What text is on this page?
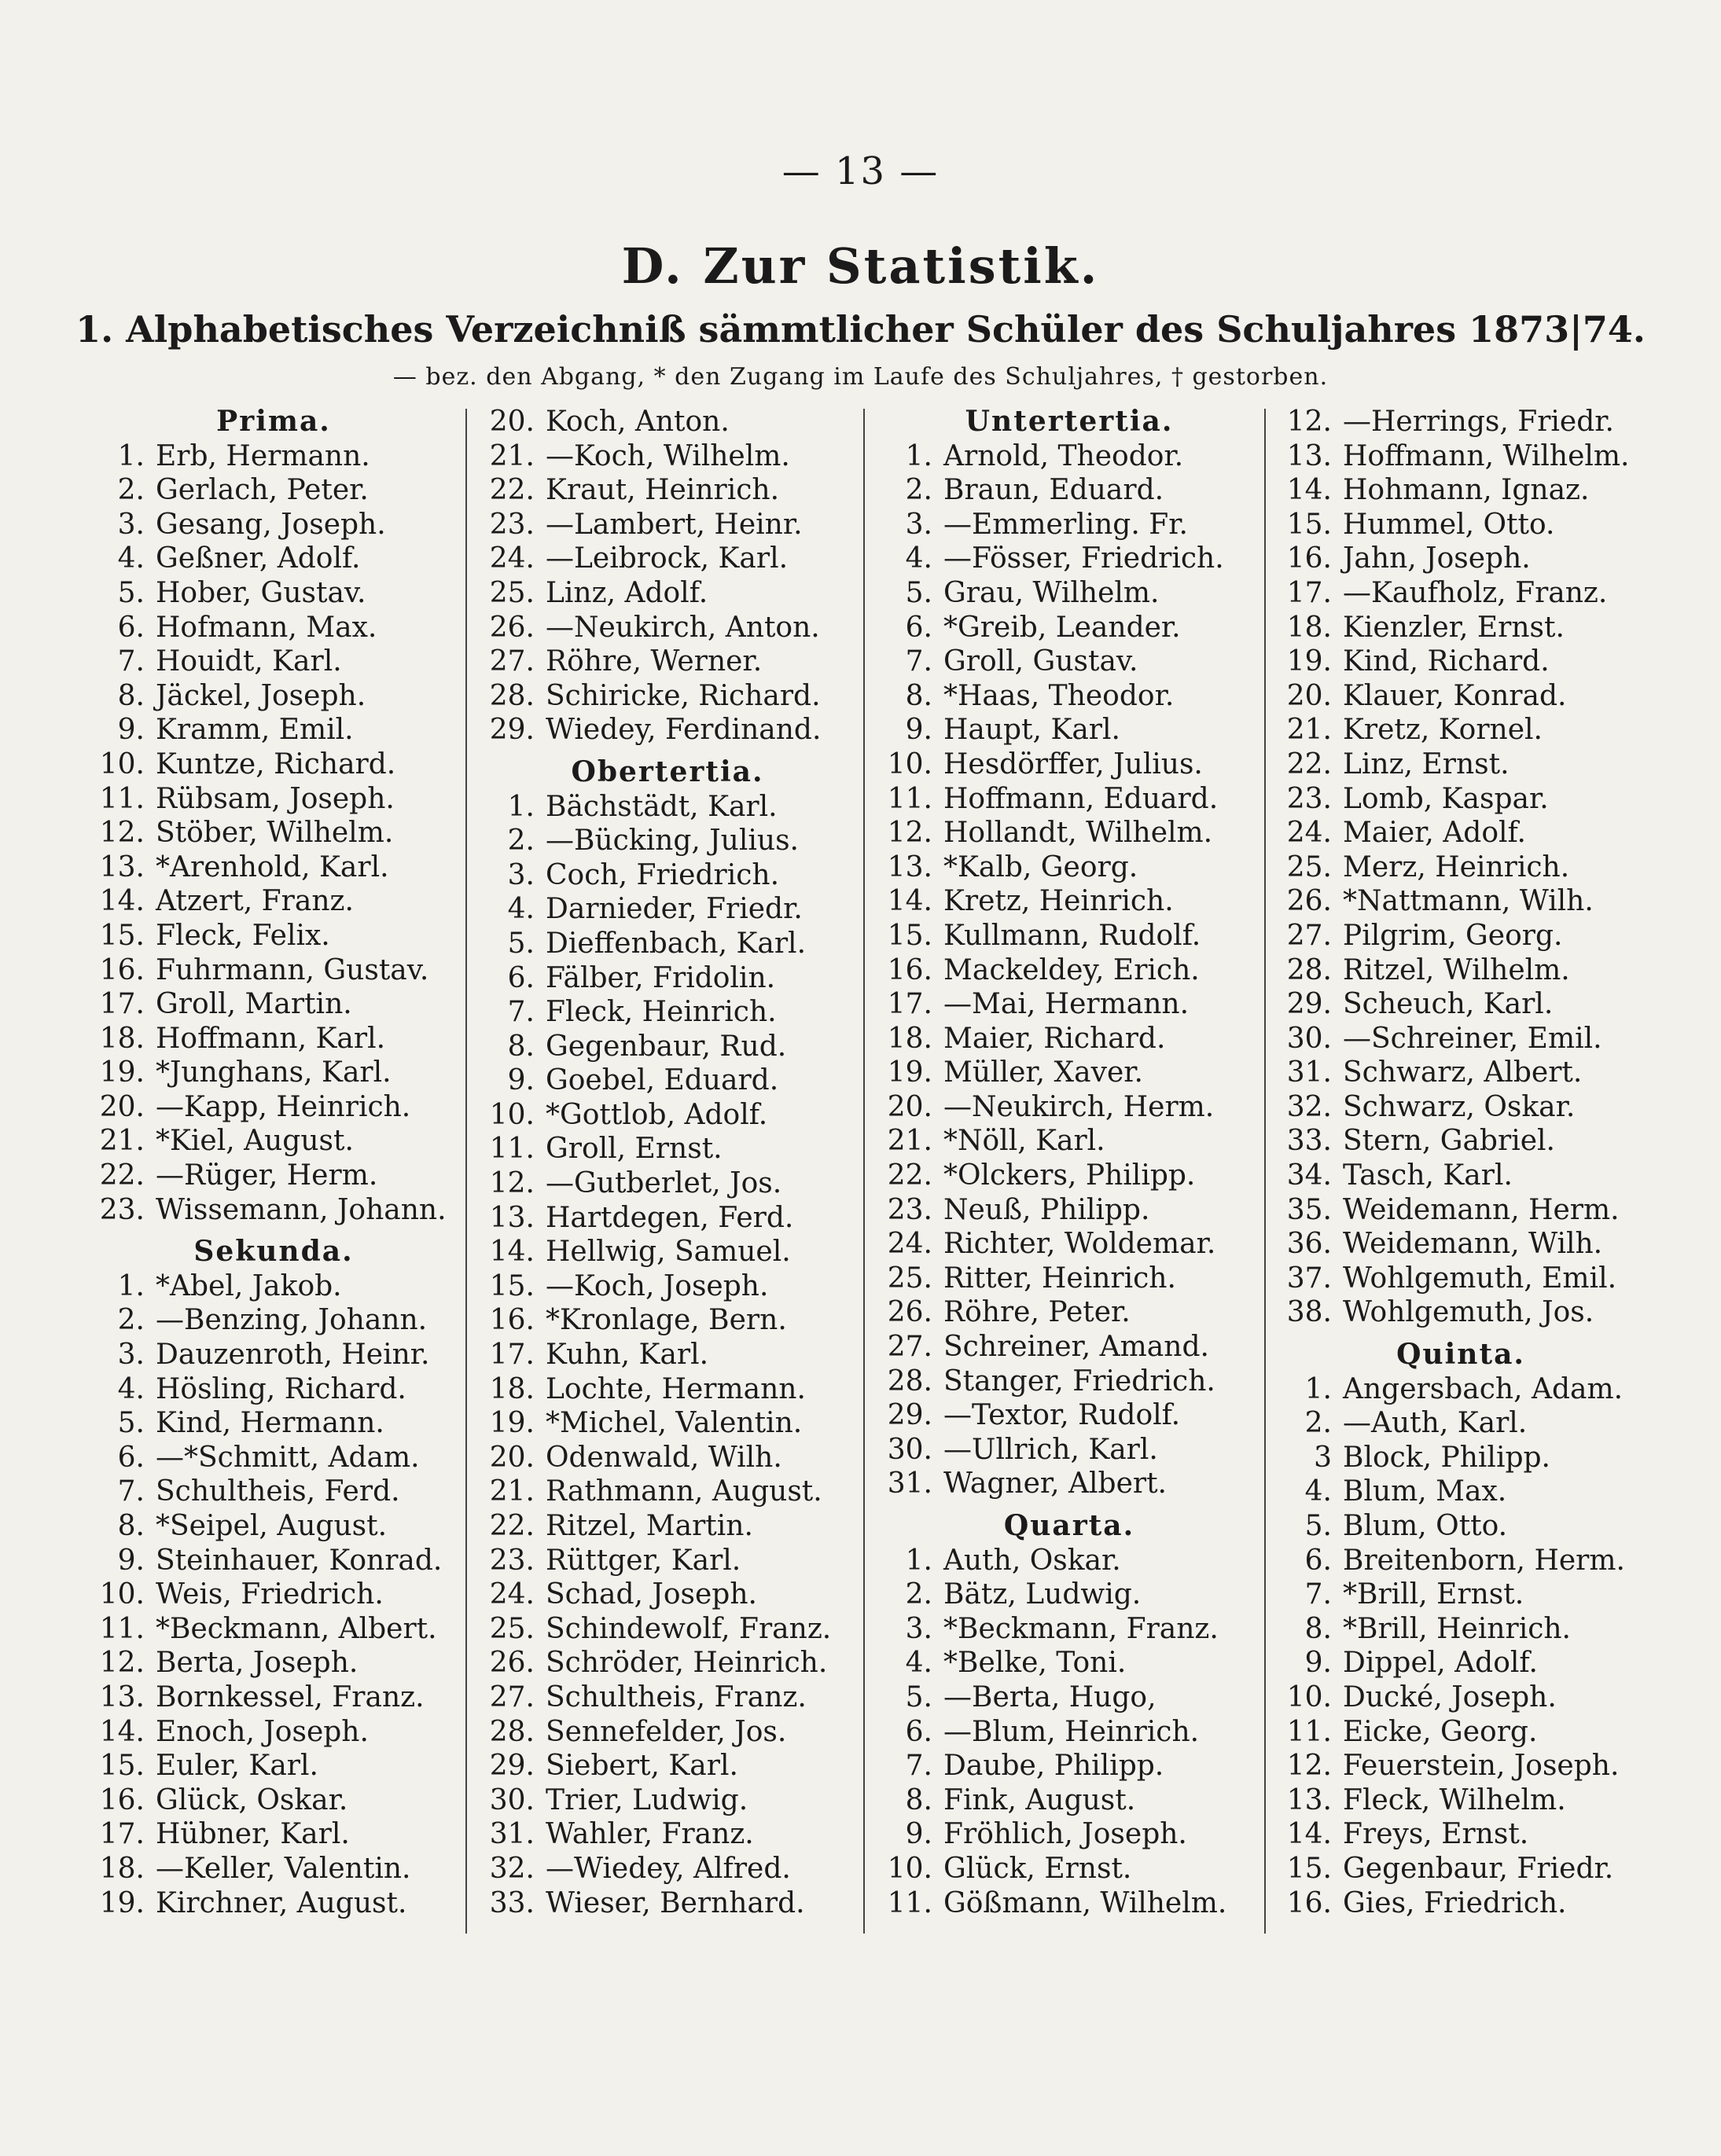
— 13 —
D. Zur Statistik.
1. Alphabetisches Verzeichniß sämmtlicher Schüler des Schuljahres 1873|74.
— bez. den Abgang, * den Zugang im Laufe des Schuljahres, † gestorben.
Prima.
1. Erb, Hermann.
2. Gerlach, Peter.
3. Gesang, Joseph.
4. Geßner, Adolf.
5. Hober, Gustav.
6. Hofmann, Max.
7. Houidt, Karl.
8. Jäckel, Joseph.
9. Kramm, Emil.
10. Kuntze, Richard.
11. Rübsam, Joseph.
12. Stöber, Wilhelm.
13. *Arenhold, Karl.
14. Atzert, Franz.
15. Fleck, Felix.
16. Fuhrmann, Gustav.
17. Groll, Martin.
18. Hoffmann, Karl.
19. *Junghans, Karl.
20. —Kapp, Heinrich.
21. *Kiel, August.
22. —Rüger, Herm.
23. Wissemann, Johann.
Sekunda.
1. *Abel, Jakob.
2. —Benzing, Johann.
3. Dauzenroth, Heinr.
4. Hösling, Richard.
5. Kind, Hermann.
6. —*Schmitt, Adam.
7. Schultheis, Ferd.
8. *Seipel, August.
9. Steinhauer, Konrad.
10. Weis, Friedrich.
11. *Beckmann, Albert.
12. Berta, Joseph.
13. Bornkessel, Franz.
14. Enoch, Joseph.
15. Euler, Karl.
16. Glück, Oskar.
17. Hübner, Karl.
18. —Keller, Valentin.
19. Kirchner, August.
20. Koch, Anton.
21. —Koch, Wilhelm.
22. Kraut, Heinrich.
23. —Lambert, Heinr.
24. —Leibrock, Karl.
25. Linz, Adolf.
26. —Neukirch, Anton.
27. Röhre, Werner.
28. Schiricke, Richard.
29. Wiedey, Ferdinand.
Obertertia.
1. Bächstädt, Karl.
2. —Bücking, Julius.
3. Coch, Friedrich.
4. Darnieder, Friedr.
5. Dieffenbach, Karl.
6. Fälber, Fridolin.
7. Fleck, Heinrich.
8. Gegenbaur, Rud.
9. Goebel, Eduard.
10. *Gottlob, Adolf.
11. Groll, Ernst.
12. —Gutberlet, Jos.
13. Hartdegen, Ferd.
14. Hellwig, Samuel.
15. —Koch, Joseph.
16. *Kronlage, Bern.
17. Kuhn, Karl.
18. Lochte, Hermann.
19. *Michel, Valentin.
20. Odenwald, Wilh.
21. Rathmann, August.
22. Ritzel, Martin.
23. Rüttger, Karl.
24. Schad, Joseph.
25. Schindewolf, Franz.
26. Schröder, Heinrich.
27. Schultheis, Franz.
28. Sennefelder, Jos.
29. Siebert, Karl.
30. Trier, Ludwig.
31. Wahler, Franz.
32. —Wiedey, Alfred.
33. Wieser, Bernhard.
Untertertia.
1. Arnold, Theodor.
2. Braun, Eduard.
3. —Emmerling. Fr.
4. —Fösser, Friedrich.
5. Grau, Wilhelm.
6. *Greib, Leander.
7. Groll, Gustav.
8. *Haas, Theodor.
9. Haupt, Karl.
10. Hesdörffer, Julius.
11. Hoffmann, Eduard.
12. Hollandt, Wilhelm.
13. *Kalb, Georg.
14. Kretz, Heinrich.
15. Kullmann, Rudolf.
16. Mackeldey, Erich.
17. —Mai, Hermann.
18. Maier, Richard.
19. Müller, Xaver.
20. —Neukirch, Herm.
21. *Nöll, Karl.
22. *Olckers, Philipp.
23. Neuß, Philipp.
24. Richter, Woldemar.
25. Ritter, Heinrich.
26. Röhre, Peter.
27. Schreiner, Amand.
28. Stanger, Friedrich.
29. —Textor, Rudolf.
30. —Ullrich, Karl.
31. Wagner, Albert.
Quarta.
1. Auth, Oskar.
2. Bätz, Ludwig.
3. *Beckmann, Franz.
4. *Belke, Toni.
5. —Berta, Hugo,
6. —Blum, Heinrich.
7. Daube, Philipp.
8. Fink, August.
9. Fröhlich, Joseph.
10. Glück, Ernst.
11. Gößmann, Wilhelm.
12. —Herrings, Friedr.
13. Hoffmann, Wilhelm.
14. Hohmann, Ignaz.
15. Hummel, Otto.
16. Jahn, Joseph.
17. —Kaufholz, Franz.
18. Kienzler, Ernst.
19. Kind, Richard.
20. Klauer, Konrad.
21. Kretz, Kornel.
22. Linz, Ernst.
23. Lomb, Kaspar.
24. Maier, Adolf.
25. Merz, Heinrich.
26. *Nattmann, Wilh.
27. Pilgrim, Georg.
28. Ritzel, Wilhelm.
29. Scheuch, Karl.
30. —Schreiner, Emil.
31. Schwarz, Albert.
32. Schwarz, Oskar.
33. Stern, Gabriel.
34. Tasch, Karl.
35. Weidemann, Herm.
36. Weidemann, Wilh.
37. Wohlgemuth, Emil.
38. Wohlgemuth, Jos.
Quinta.
1. Angersbach, Adam.
2. —Auth, Karl.
3 Block, Philipp.
4. Blum, Max.
5. Blum, Otto.
6. Breitenborn, Herm.
7. *Brill, Ernst.
8. *Brill, Heinrich.
9. Dippel, Adolf.
10. Ducké, Joseph.
11. Eicke, Georg.
12. Feuerstein, Joseph.
13. Fleck, Wilhelm.
14. Freys, Ernst.
15. Gegenbaur, Friedr.
16. Gies, Friedrich.
